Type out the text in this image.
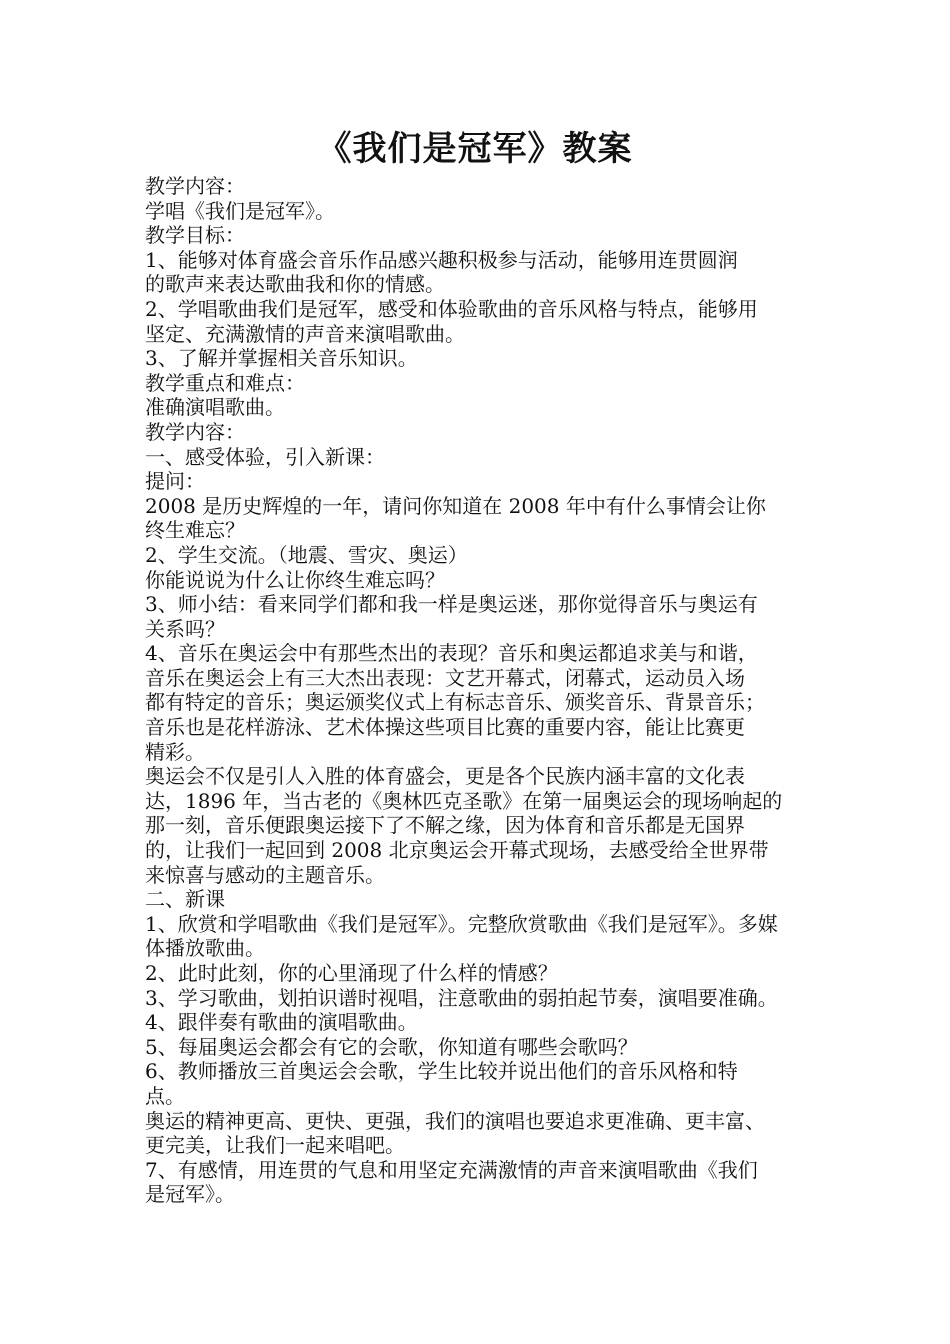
《我们是冠军》教案
教学内容：
学唱《我们是冠军》。
教学目标：
1、能够对体育盛会音乐作品感兴趣积极参与活动，能够用连贯圆润
的歌声来表达歌曲我和你的情感。
2、学唱歌曲我们是冠军，感受和体验歌曲的音乐风格与特点，能够用
坚定、充满激情的声音来演唱歌曲。
3、了解并掌握相关音乐知识。
教学重点和难点：
准确演唱歌曲。
教学内容：
一、感受体验，引入新课：
提问：
2008 是历史辉煌的一年，请问你知道在 2008 年中有什么事情会让你
终生难忘？
2、学生交流。（地震、雪灾、奥运）
你能说说为什么让你终生难忘吗？
3、师小结：看来同学们都和我一样是奥运迷，那你觉得音乐与奥运有
关系吗？
4、音乐在奥运会中有那些杰出的表现？音乐和奥运都追求美与和谐，
音乐在奥运会上有三大杰出表现：文艺开幕式，闭幕式，运动员入场
都有特定的音乐；奥运颁奖仪式上有标志音乐、颁奖音乐、背景音乐；
音乐也是花样游泳、艺术体操这些项目比赛的重要内容，能让比赛更
精彩。
奥运会不仅是引人入胜的体育盛会，更是各个民族内涵丰富的文化表
达，1896 年，当古老的《奥林匹克圣歌》在第一届奥运会的现场响起的
那一刻，音乐便跟奥运接下了不解之缘，因为体育和音乐都是无国界
的，让我们一起回到 2008 北京奥运会开幕式现场，去感受给全世界带
来惊喜与感动的主题音乐。
二、新课
1、欣赏和学唱歌曲《我们是冠军》。完整欣赏歌曲《我们是冠军》。多媒
体播放歌曲。
2、此时此刻，你的心里涌现了什么样的情感？
3、学习歌曲，划拍识谱时视唱，注意歌曲的弱拍起节奏，演唱要准确。
4、跟伴奏有歌曲的演唱歌曲。
5、每届奥运会都会有它的会歌，你知道有哪些会歌吗？
6、教师播放三首奥运会会歌，学生比较并说出他们的音乐风格和特
点。
奥运的精神更高、更快、更强，我们的演唱也要追求更准确、更丰富、
更完美，让我们一起来唱吧。
7、有感情，用连贯的气息和用坚定充满激情的声音来演唱歌曲《我们
是冠军》。
